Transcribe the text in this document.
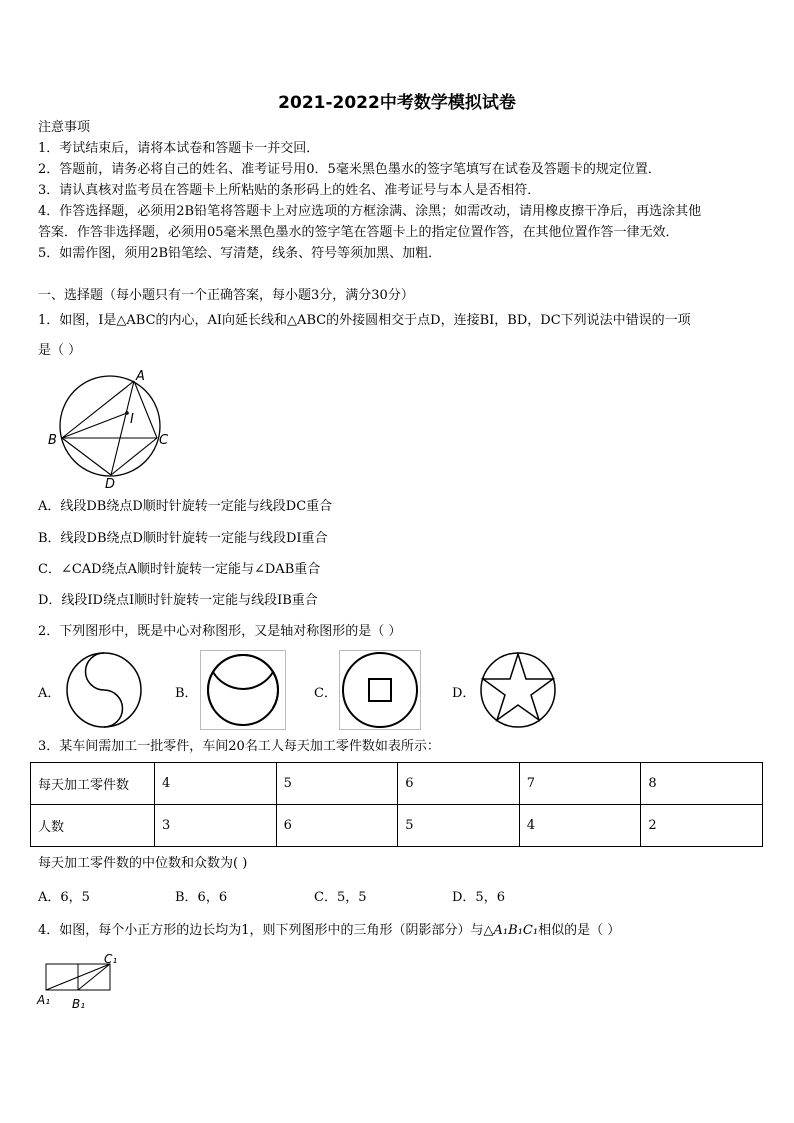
2021-2022中考数学模拟试卷
注意事项
1．考试结束后，请将本试卷和答题卡一并交回．
2．答题前，请务必将自己的姓名、准考证号用0．5毫米黑色墨水的签字笔填写在试卷及答题卡的规定位置．
3．请认真核对监考员在答题卡上所粘贴的条形码上的姓名、准考证号与本人是否相符．
4．作答选择题，必须用2B铅笔将答题卡上对应选项的方框涂满、涂黑；如需改动，请用橡皮擦干净后，再选涂其他
答案．作答非选择题，必须用05毫米黑色墨水的签字笔在答题卡上的指定位置作答，在其他位置作答一律无效．
5．如需作图，须用2B铅笔绘、写清楚，线条、符号等须加黑、加粗．
一、选择题（每小题只有一个正确答案，每小题3分，满分30分）
1．如图，I是△ABC的内心，AI向延长线和△ABC的外接圆相交于点D，连接BI，BD，DC下列说法中错误的一项
是（ ）
A
I
B	C
D
A．线段DB绕点D顺时针旋转一定能与线段DC重合
B．线段DB绕点D顺时针旋转一定能与线段DI重合
C．∠CAD绕点A顺时针旋转一定能与∠DAB重合
D．线段ID绕点I顺时针旋转一定能与线段IB重合
2．下列图形中，既是中心对称图形，又是轴对称图形的是（ ）
A．	B．	C．	D．
3．某车间需加工一批零件，车间20名工人每天加工零件数如表所示：
每天加工零件数	4	5	6	7	8
人数	3	6	5	4	2
每天加工零件数的中位数和众数为( )
A．6，5	B．6，6	C．5，5	D．5，6
4．如图，每个小正方形的边长均为1，则下列图形中的三角形（阴影部分）与△A₁B₁C₁相似的是（ ）
C₁
A₁ B₁
